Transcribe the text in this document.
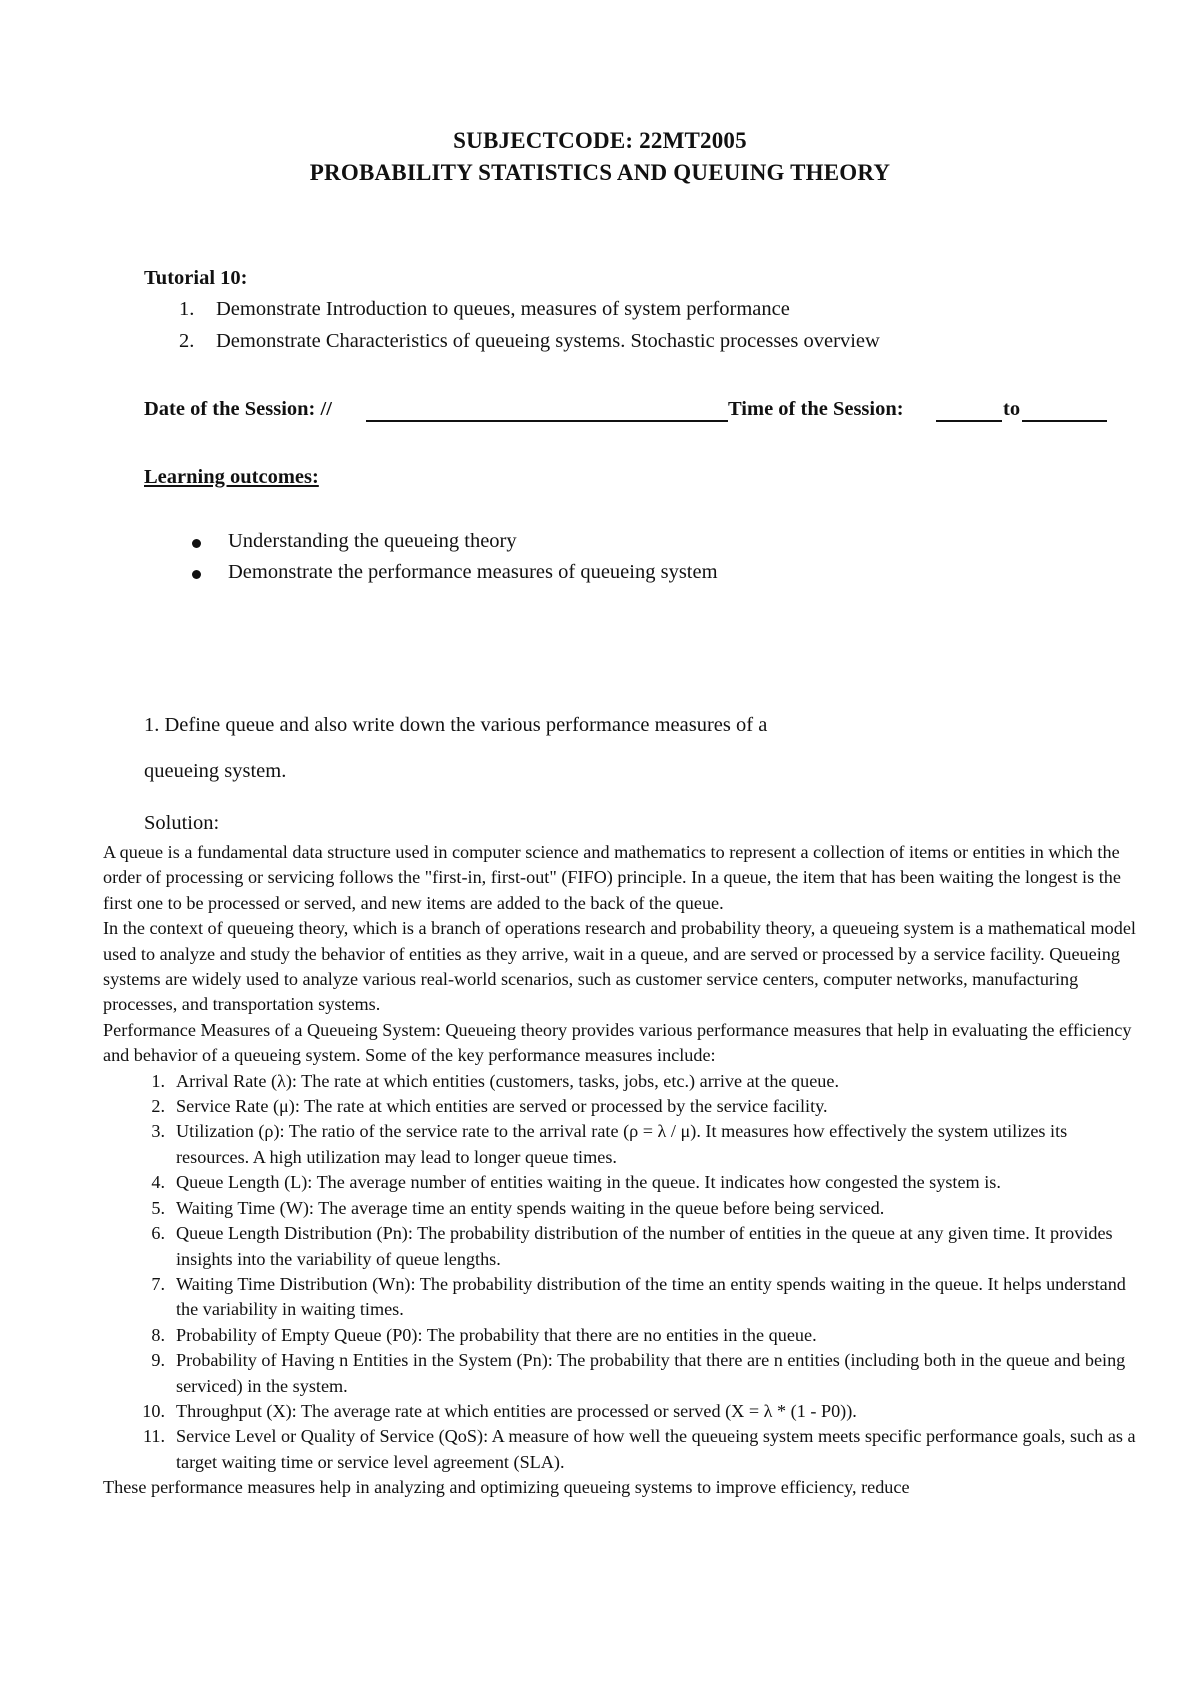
SUBJECTCODE: 22MT2005
PROBABILITY STATISTICS AND QUEUING THEORY
Tutorial 10:
1. Demonstrate Introduction to queues, measures of system performance
2. Demonstrate Characteristics of queueing systems. Stochastic processes overview
Date of the Session: //	Time of the Session:	to
Learning outcomes:
Understanding the queueing theory
Demonstrate the performance measures of queueing system
1. Define queue and also write down the various performance measures of a
queueing system.
Solution:

A queue is a fundamental data structure used in computer science and mathematics to represent a collection of items or entities in which the order of processing or servicing follows the "first-in, first-out" (FIFO) principle. In a queue, the item that has been waiting the longest is the first one to be processed or served, and new items are added to the back of the queue.

In the context of queueing theory, which is a branch of operations research and probability theory, a queueing system is a mathematical model used to analyze and study the behavior of entities as they arrive, wait in a queue, and are served or processed by a service facility. Queueing systems are widely used to analyze various real-world scenarios, such as customer service centers, computer networks, manufacturing processes, and transportation systems.

Performance Measures of a Queueing System: Queueing theory provides various performance measures that help in evaluating the efficiency and behavior of a queueing system. Some of the key performance measures include:

1. Arrival Rate (λ): The rate at which entities (customers, tasks, jobs, etc.) arrive at the queue.
2. Service Rate (μ): The rate at which entities are served or processed by the service facility.
3. Utilization (ρ): The ratio of the service rate to the arrival rate (ρ = λ / μ). It measures how effectively the system utilizes its resources. A high utilization may lead to longer queue times.
4. Queue Length (L): The average number of entities waiting in the queue. It indicates how congested the system is.
5. Waiting Time (W): The average time an entity spends waiting in the queue before being serviced.
6. Queue Length Distribution (Pn): The probability distribution of the number of entities in the queue at any given time. It provides insights into the variability of queue lengths.
7. Waiting Time Distribution (Wn): The probability distribution of the time an entity spends waiting in the queue. It helps understand the variability in waiting times.
8. Probability of Empty Queue (P0): The probability that there are no entities in the queue.
9. Probability of Having n Entities in the System (Pn): The probability that there are n entities (including both in the queue and being serviced) in the system.
10. Throughput (X): The average rate at which entities are processed or served (X = λ * (1 - P0)).
11. Service Level or Quality of Service (QoS): A measure of how well the queueing system meets specific performance goals, such as a target waiting time or service level agreement (SLA).

These performance measures help in analyzing and optimizing queueing systems to improve efficiency, reduce
